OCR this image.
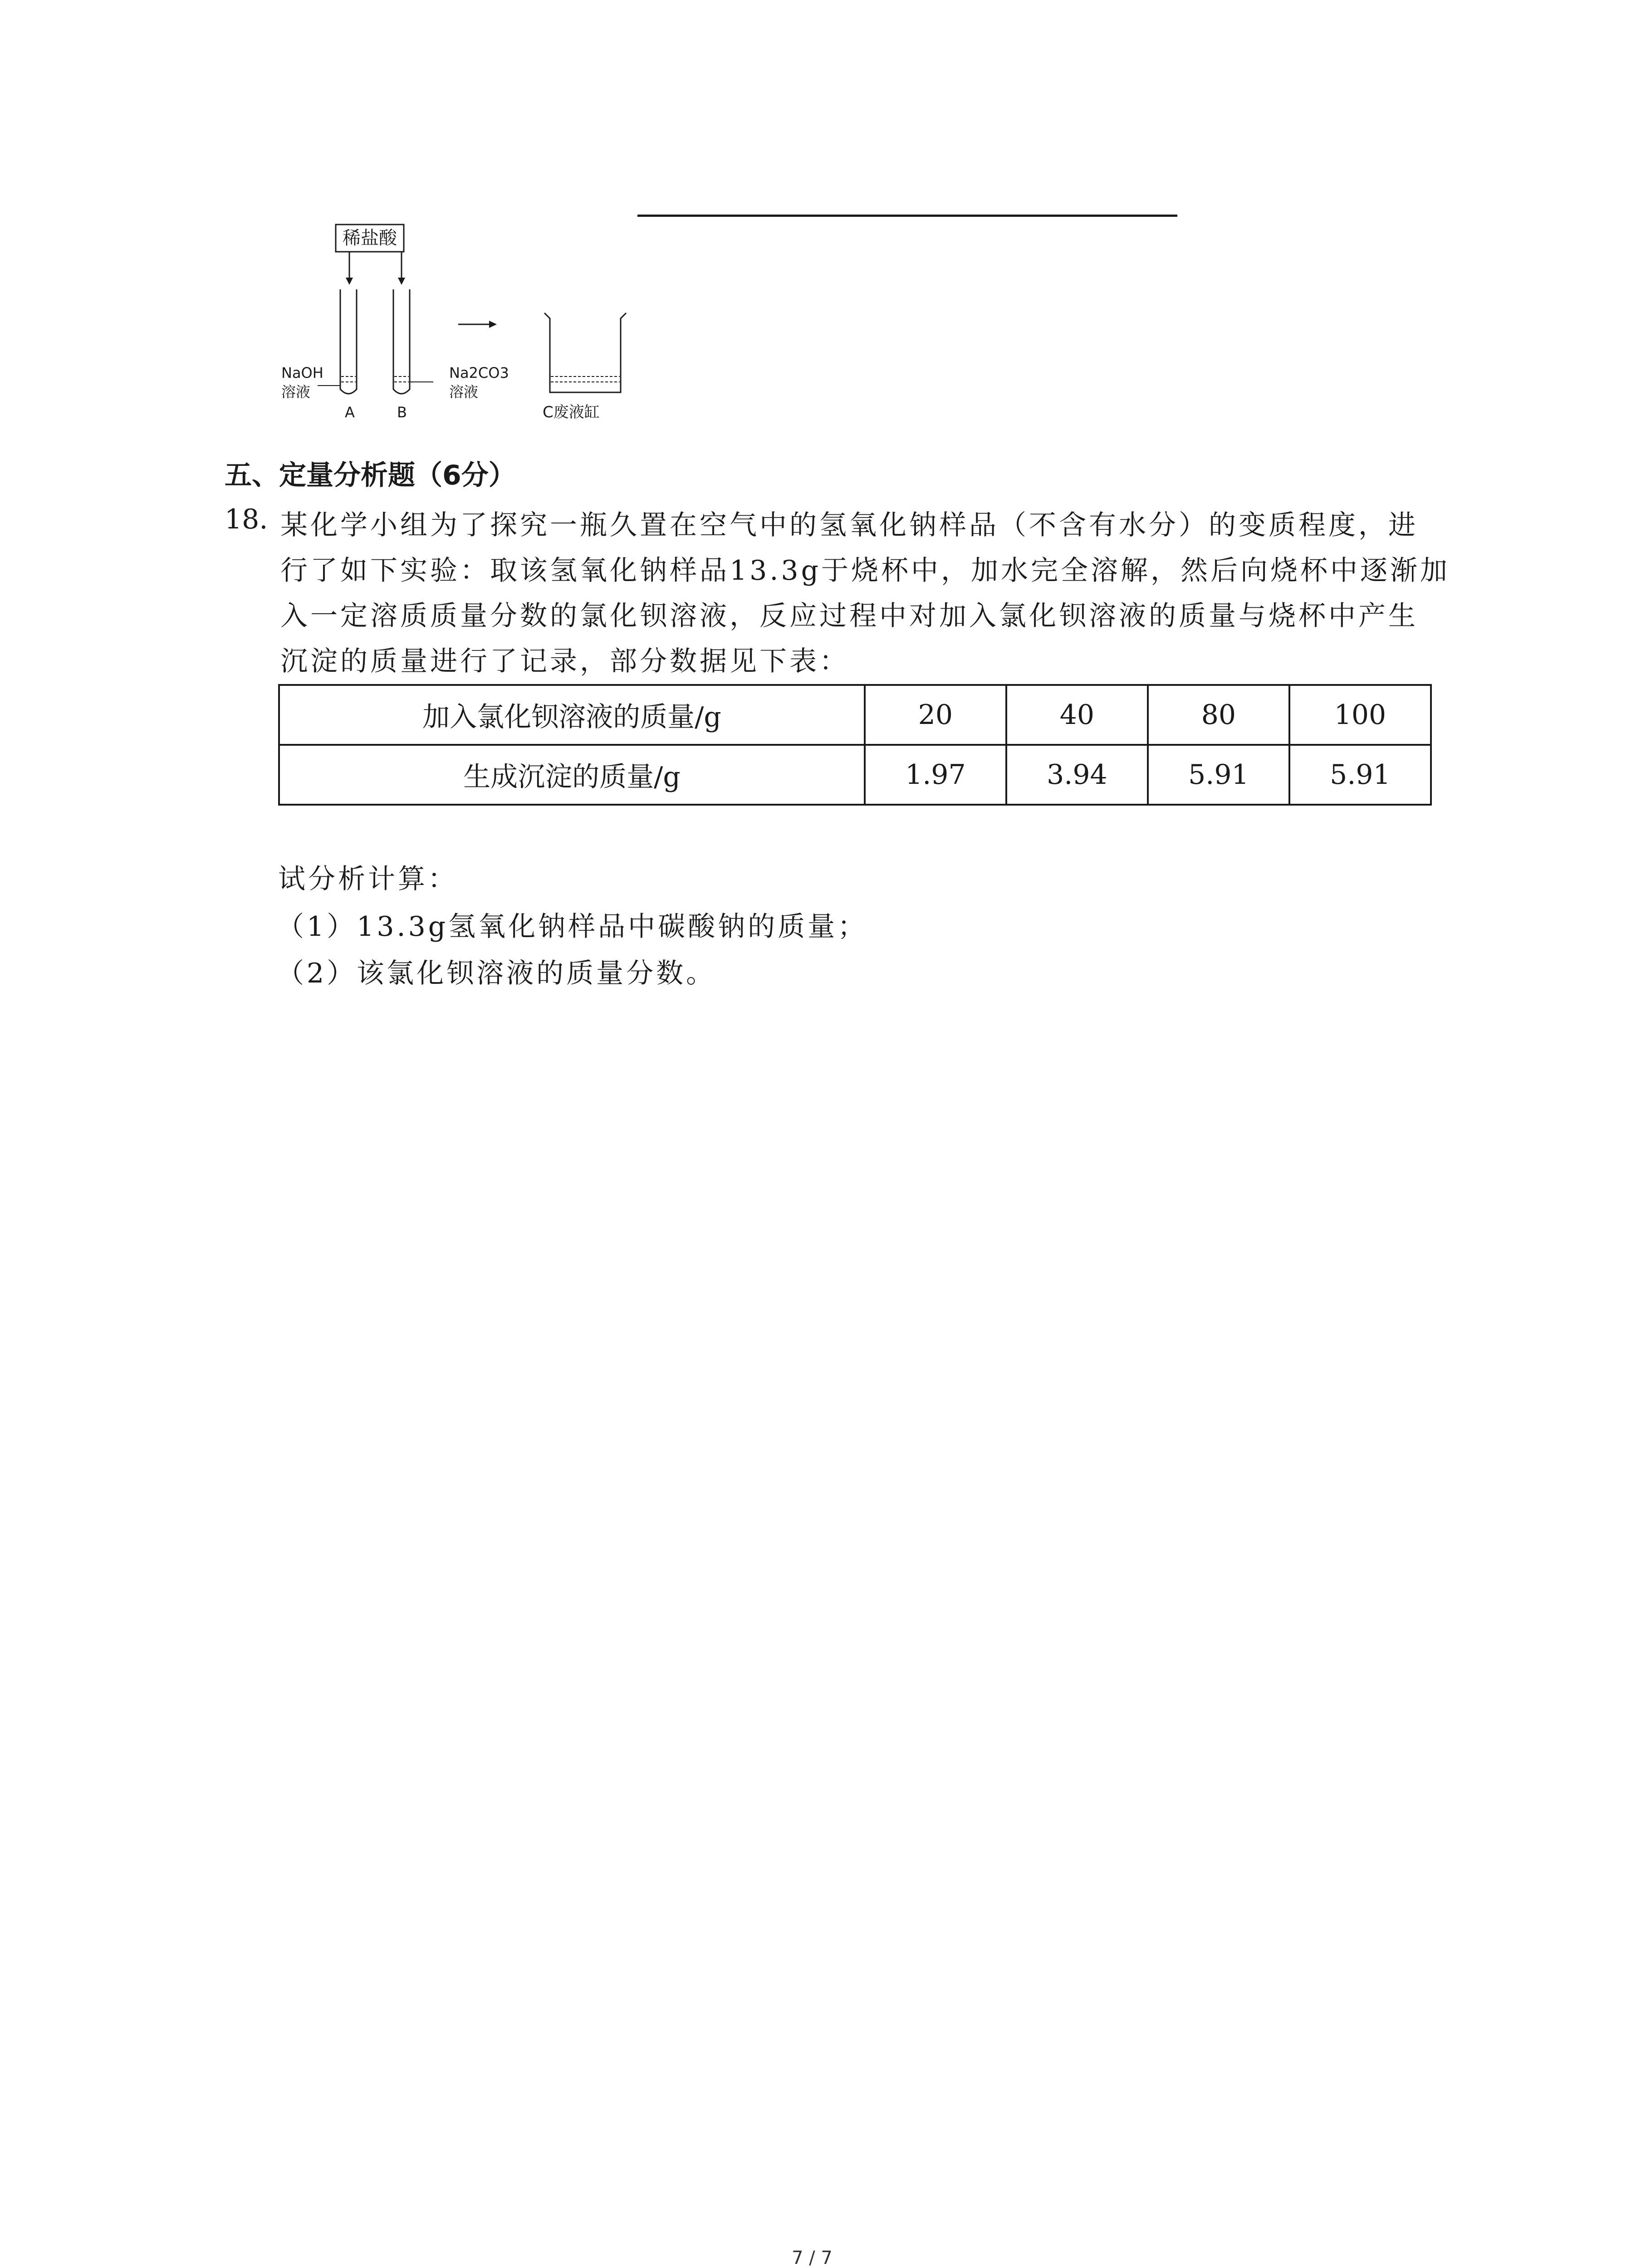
稀盐酸
NaOH
溶液
A
Na2CO3
溶液
B	C废液缸
五、定量分析题（6分）
18. 某化学小组为了探究一瓶久置在空气中的氢氧化钠样品（不含有水分）的变质程度，进
行了如下实验：取该氢氧化钠样品13.3g于烧杯中，加水完全溶解，然后向烧杯中逐渐加
入一定溶质质量分数的氯化钡溶液，反应过程中对加入氯化钡溶液的质量与烧杯中产生
沉淀的质量进行了记录，部分数据见下表：
加入氯化钡溶液的质量/g	20	40	80	100
生成沉淀的质量/g	1.97	3.94	5.91	5.91
试分析计算：
（1）13.3g氢氧化钠样品中碳酸钠的质量；
（2）该氯化钡溶液的质量分数。
7 / 7
